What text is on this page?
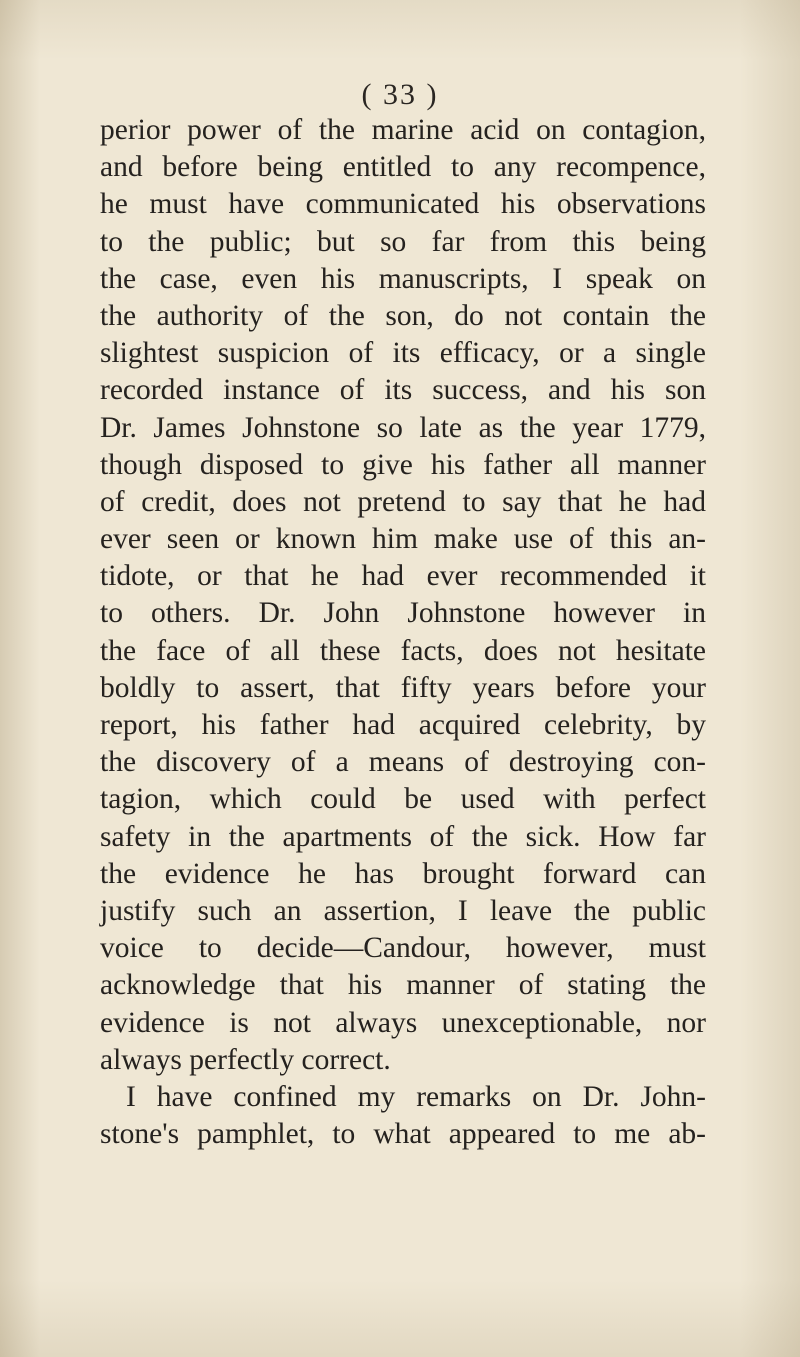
( 33 )
perior power of the marine acid on contagion,
and before being entitled to any recompence,
he must have communicated his observations
to the public; but so far from this being
the case, even his manuscripts, I speak on
the authority of the son, do not contain the
slightest suspicion of its efficacy, or a single
recorded instance of its success, and his son
Dr. James Johnstone so late as the year 1779,
though disposed to give his father all manner
of credit, does not pretend to say that he had
ever seen or known him make use of this an-
tidote, or that he had ever recommended it
to others. Dr. John Johnstone however in
the face of all these facts, does not hesitate
boldly to assert, that fifty years before your
report, his father had acquired celebrity, by
the discovery of a means of destroying con-
tagion, which could be used with perfect
safety in the apartments of the sick. How far
the evidence he has brought forward can
justify such an assertion, I leave the public
voice to decide—Candour, however, must
acknowledge that his manner of stating the
evidence is not always unexceptionable, nor
always perfectly correct.
I have confined my remarks on Dr. John-
stone's pamphlet, to what appeared to me ab-
